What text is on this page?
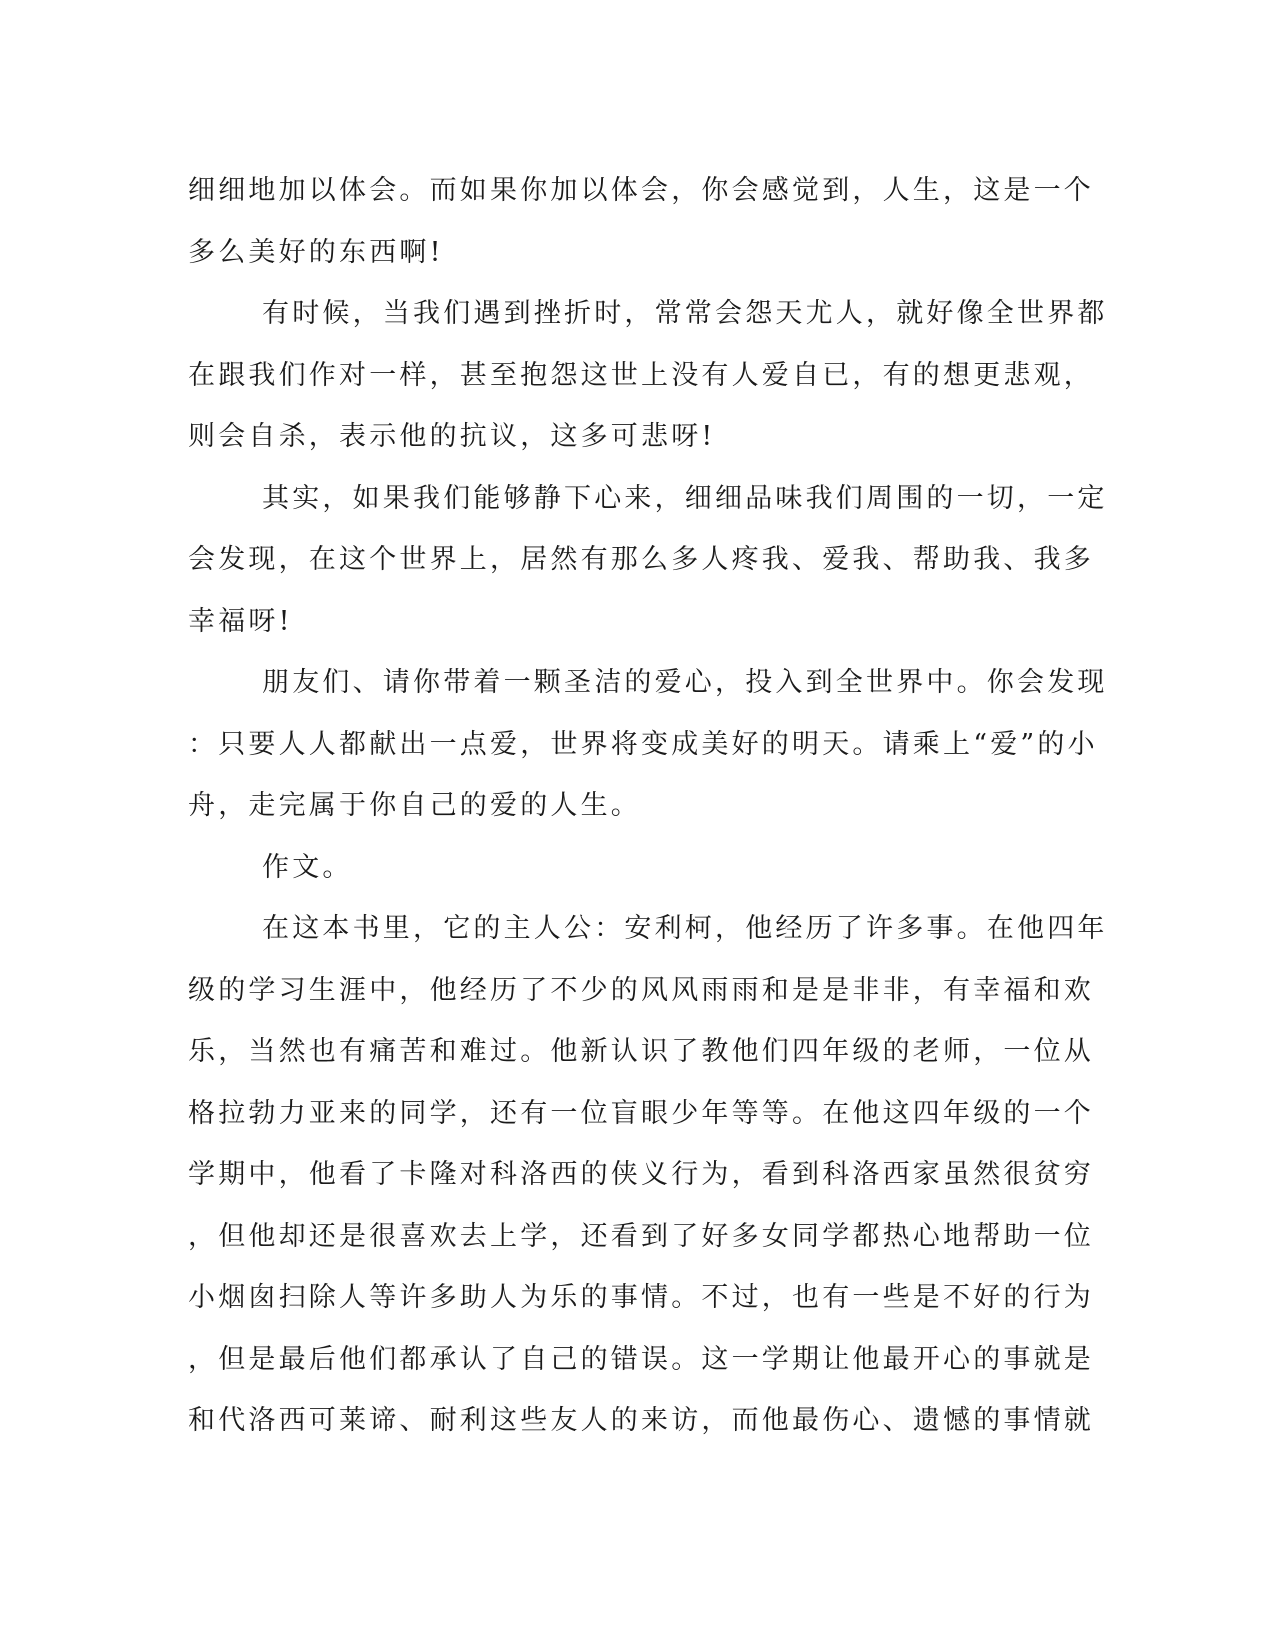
细细地加以体会。而如果你加以体会，你会感觉到，人生，这是一个
多么美好的东西啊!
有时候，当我们遇到挫折时，常常会怨天尤人，就好像全世界都
在跟我们作对一样，甚至抱怨这世上没有人爱自已，有的想更悲观，
则会自杀，表示他的抗议，这多可悲呀!
其实，如果我们能够静下心来，细细品味我们周围的一切，一定
会发现，在这个世界上，居然有那么多人疼我、爱我、帮助我、我多
幸福呀!
朋友们、请你带着一颗圣洁的爱心，投入到全世界中。你会发现
：只要人人都献出一点爱，世界将变成美好的明天。请乘上“爱”的小
舟，走完属于你自己的爱的人生。
作文。
在这本书里，它的主人公：安利柯，他经历了许多事。在他四年
级的学习生涯中，他经历了不少的风风雨雨和是是非非，有幸福和欢
乐，当然也有痛苦和难过。他新认识了教他们四年级的老师，一位从
格拉勃力亚来的同学，还有一位盲眼少年等等。在他这四年级的一个
学期中，他看了卡隆对科洛西的侠义行为，看到科洛西家虽然很贫穷
，但他却还是很喜欢去上学，还看到了好多女同学都热心地帮助一位
小烟囱扫除人等许多助人为乐的事情。不过，也有一些是不好的行为
，但是最后他们都承认了自己的错误。这一学期让他最开心的事就是
和代洛西可莱谛、耐利这些友人的来访，而他最伤心、遗憾的事情就
